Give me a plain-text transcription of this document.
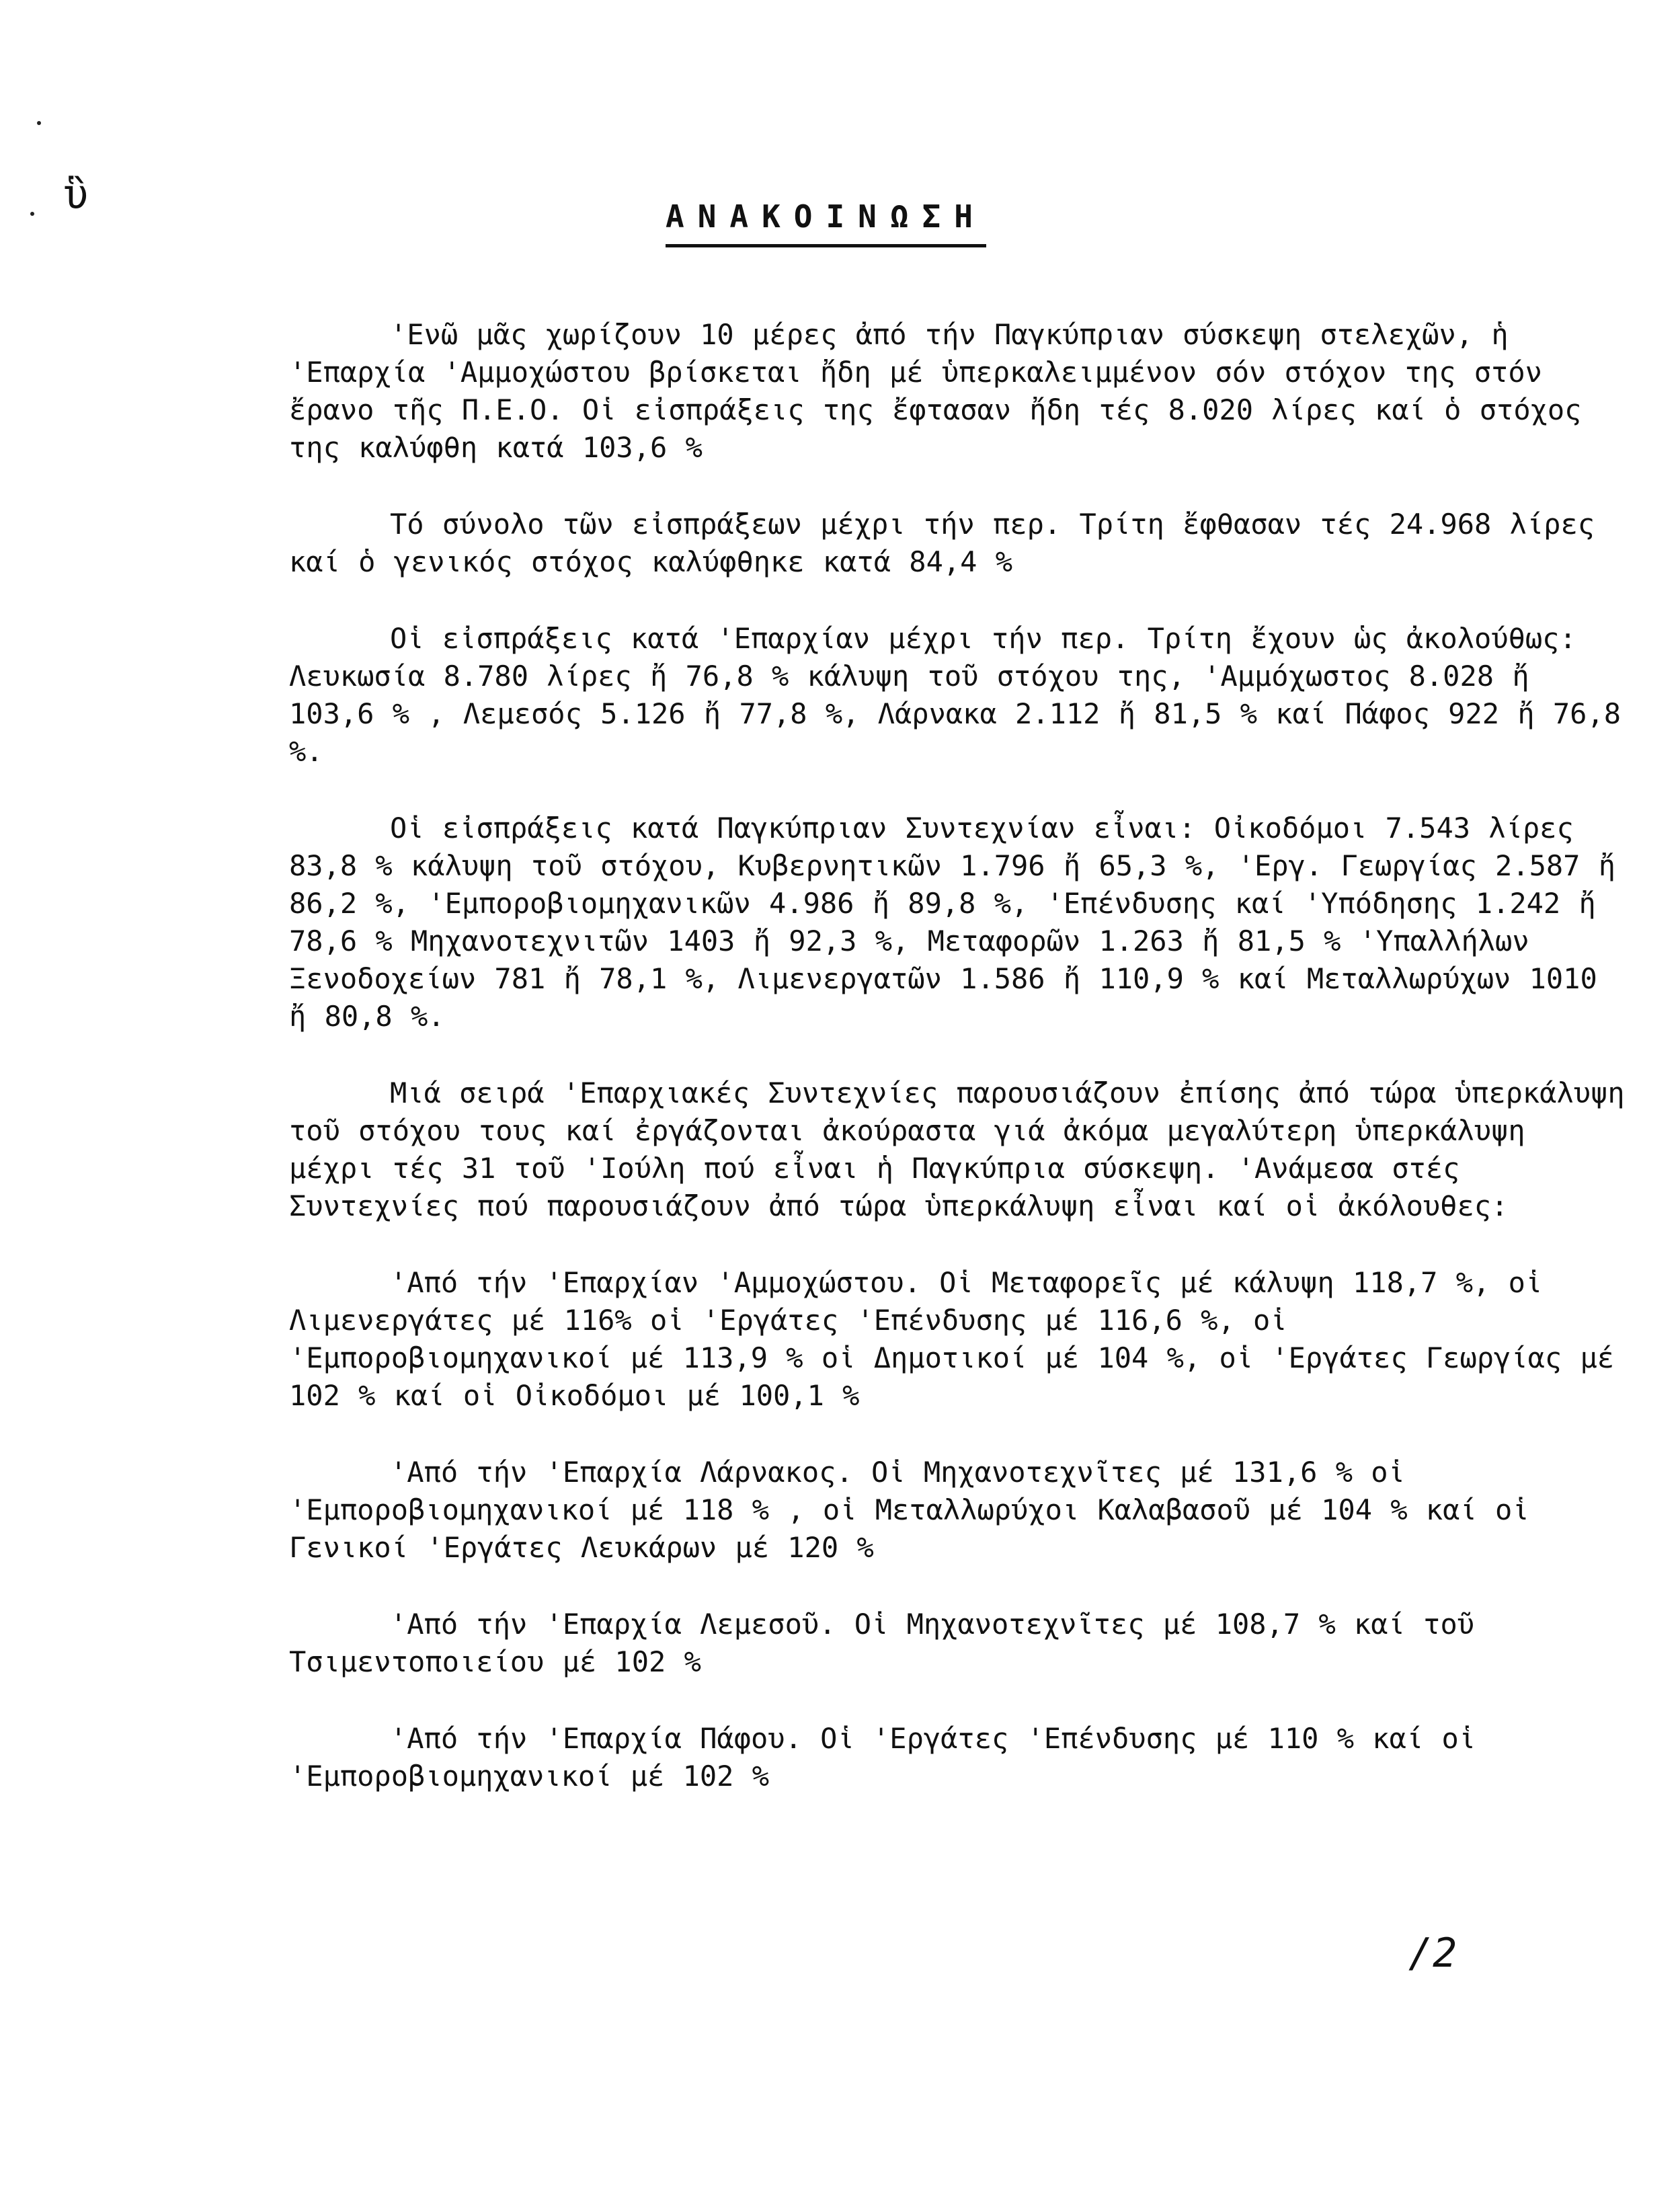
ὓ	ΑΝΑΚΟΙΝΩΣΗ

'Ενῶ μᾶς χωρίζουν 10 μέρες ἀπό τήν Παγκύπριαν σύσκεψη στελεχῶν, ἡ 'Επαρχία 'Αμμοχώστου βρίσκεται ἤδη μέ ὑπερκαλειμμένον σόν στόχον της στόν ἔρανο τῆς Π.Ε.Ο. Οἱ εἰσπράξεις της ἔφτασαν ἤδη τές 8.020 λίρες καί ὁ στόχος της καλύφθη κατά 103,6 %

Τό σύνολο τῶν εἰσπράξεων μέχρι τήν περ. Τρίτη ἔφθασαν τές 24.968 λίρες καί ὁ γενικός στόχος καλύφθηκε κατά 84,4 %

Οἱ εἰσπράξεις κατά 'Επαρχίαν μέχρι τήν περ. Τρίτη ἔχουν ὡς ἀκολούθως: Λευκωσία 8.780 λίρες ἤ 76,8 % κάλυψη τοῦ στόχου της, 'Αμμόχωστος 8.028 ἤ 103,6 % , Λεμεσός 5.126 ἤ 77,8 %, Λάρνακα 2.112 ἤ 81,5 % καί Πάφος 922 ἤ 76,8 %.

Οἱ εἰσπράξεις κατά Παγκύπριαν Συντεχνίαν εἶναι: Οἰκοδόμοι 7.543 λίρες 83,8 % κάλυψη τοῦ στόχου, Κυβερνητικῶν 1.796 ἤ 65,3 %, 'Εργ. Γεωργίας 2.587 ἤ 86,2 %, 'Εμποροβιομηχανικῶν 4.986 ἤ 89,8 %, 'Επένδυσης καί 'Υπόδησης 1.242 ἤ 78,6 % Μηχανοτεχνιτῶν 1403 ἤ 92,3 %, Μεταφορῶν 1.263 ἤ 81,5 % 'Υπαλλήλων Ξενοδοχείων 781 ἤ 78,1 %, Λιμενεργατῶν 1.586 ἤ 110,9 % καί Μεταλλωρύχων 1010 ἤ 80,8 %.

Μιά σειρά 'Επαρχιακές Συντεχνίες παρουσιάζουν ἐπίσης ἀπό τώρα ὑπερκάλυψη τοῦ στόχου τους καί ἐργάζονται ἀκούραστα γιά ἀκόμα μεγαλύτερη ὑπερκάλυψη μέχρι τές 31 τοῦ 'Ιούλη πού εἶναι ἡ Παγκύπρια σύσκεψη. 'Ανάμεσα στές Συντεχνίες πού παρουσιάζουν ἀπό τώρα ὑπερκάλυψη εἶναι καί οἱ ἀκόλουθες:

'Από τήν 'Επαρχίαν 'Αμμοχώστου. Οἱ Μεταφορεῖς μέ κάλυψη 118,7 %, οἱ Λιμενεργάτες μέ 116% οἱ 'Εργάτες 'Επένδυσης μέ 116,6 %, οἱ 'Εμποροβιομηχανικοί μέ 113,9 % οἱ Δημοτικοί μέ 104 %, οἱ 'Εργάτες Γεωργίας μέ 102 % καί οἱ Οἰκοδόμοι μέ 100,1 %

'Από τήν 'Επαρχία Λάρνακος. Οἱ Μηχανοτεχνῖτες μέ 131,6 % οἱ 'Εμποροβιομηχανικοί μέ 118 % , οἱ Μεταλλωρύχοι Καλαβασοῦ μέ 104 % καί οἱ Γενικοί 'Εργάτες Λευκάρων μέ 120 %

'Από τήν 'Επαρχία Λεμεσοῦ. Οἱ Μηχανοτεχνῖτες μέ 108,7 % καί τοῦ Τσιμεντοποιείου μέ 102 %

'Από τήν 'Επαρχία Πάφου. Οἱ 'Εργάτες 'Επένδυσης μέ 110 % καί οἱ 'Εμποροβιομηχανικοί μέ 102 %

/2
